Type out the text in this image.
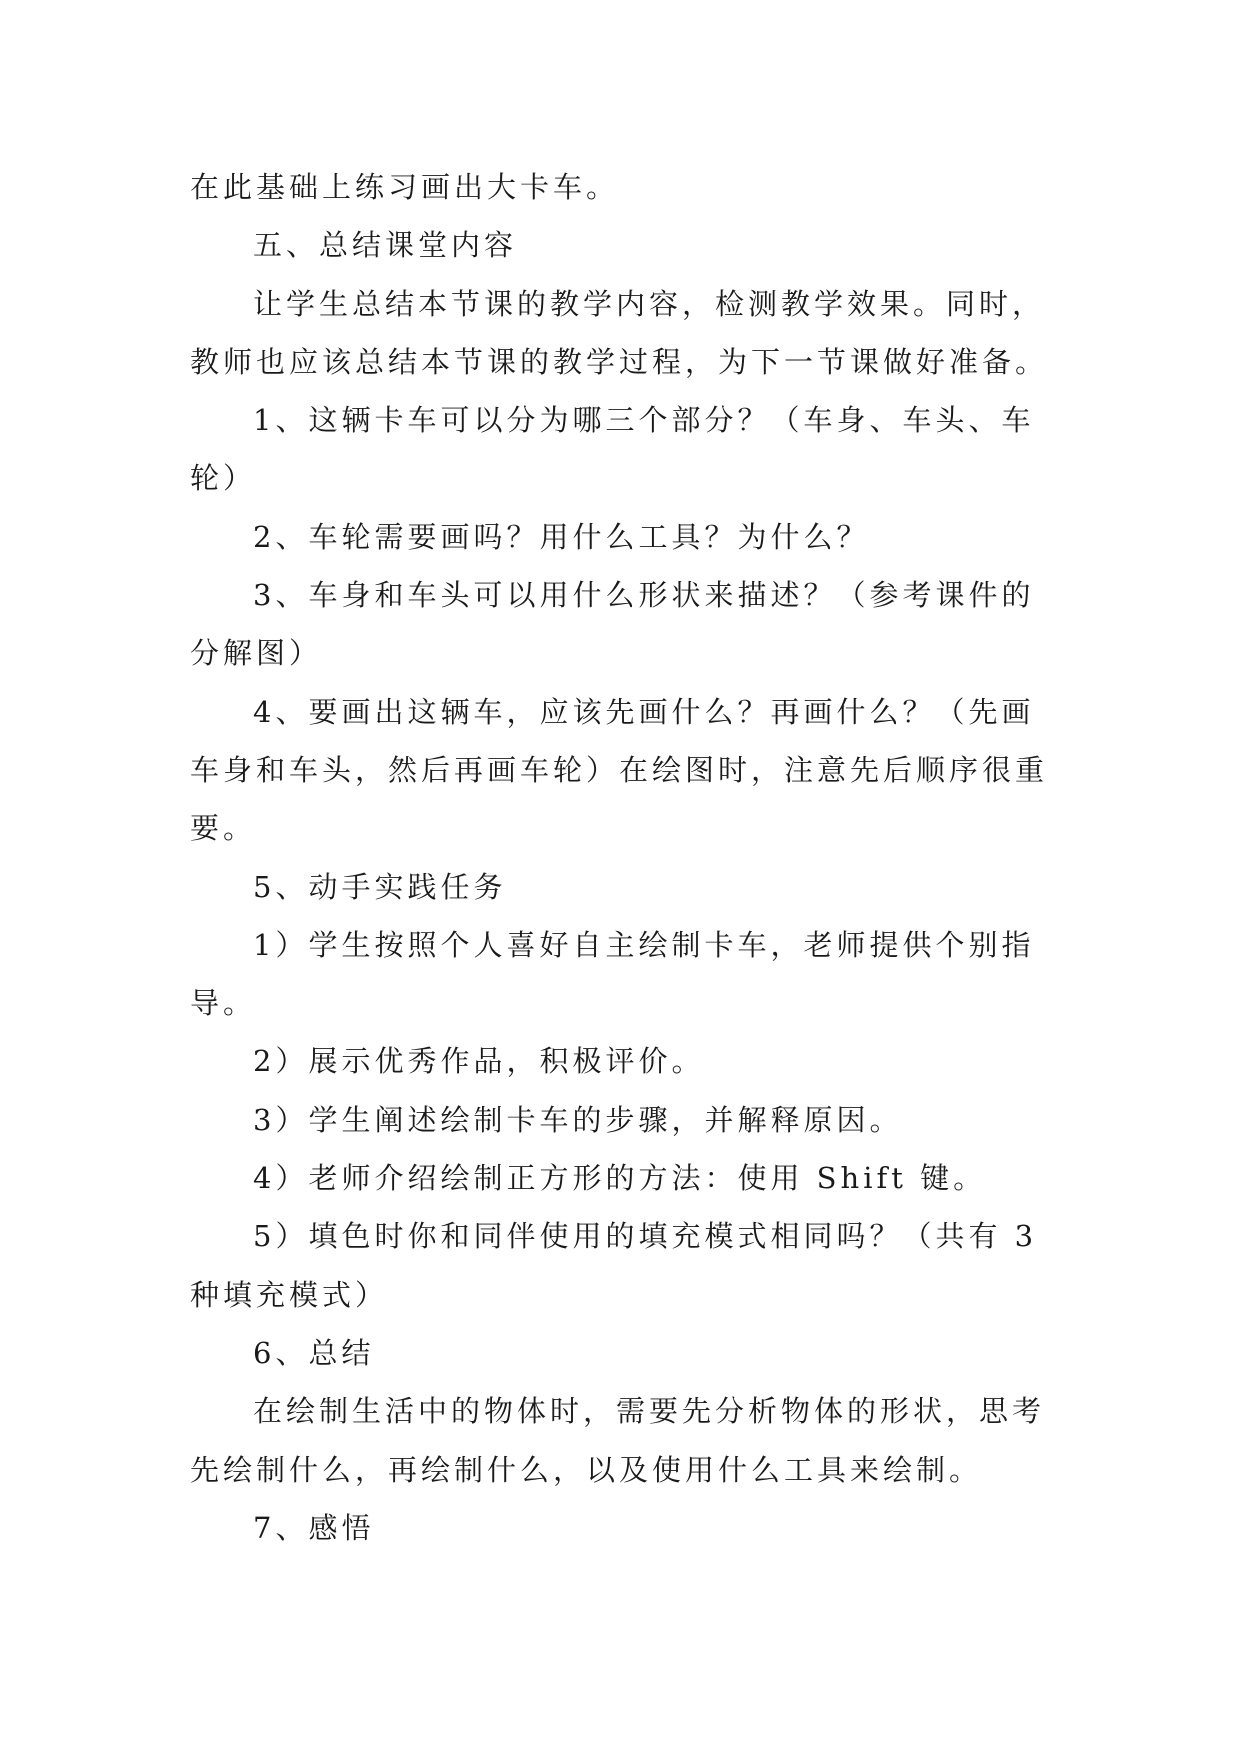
在此基础上练习画出大卡车。
五、总结课堂内容
让学生总结本节课的教学内容，检测教学效果。同时，
教师也应该总结本节课的教学过程，为下一节课做好准备。
1、这辆卡车可以分为哪三个部分？（车身、车头、车
轮）
2、车轮需要画吗？用什么工具？为什么？
3、车身和车头可以用什么形状来描述？（参考课件的
分解图）
4、要画出这辆车，应该先画什么？再画什么？（先画
车身和车头，然后再画车轮）在绘图时，注意先后顺序很重
要。
5、动手实践任务
1）学生按照个人喜好自主绘制卡车，老师提供个别指
导。
2）展示优秀作品，积极评价。
3）学生阐述绘制卡车的步骤，并解释原因。
4）老师介绍绘制正方形的方法：使用 Shift 键。
5）填色时你和同伴使用的填充模式相同吗？（共有 3
种填充模式）
6、总结
在绘制生活中的物体时，需要先分析物体的形状，思考
先绘制什么，再绘制什么，以及使用什么工具来绘制。
7、感悟
